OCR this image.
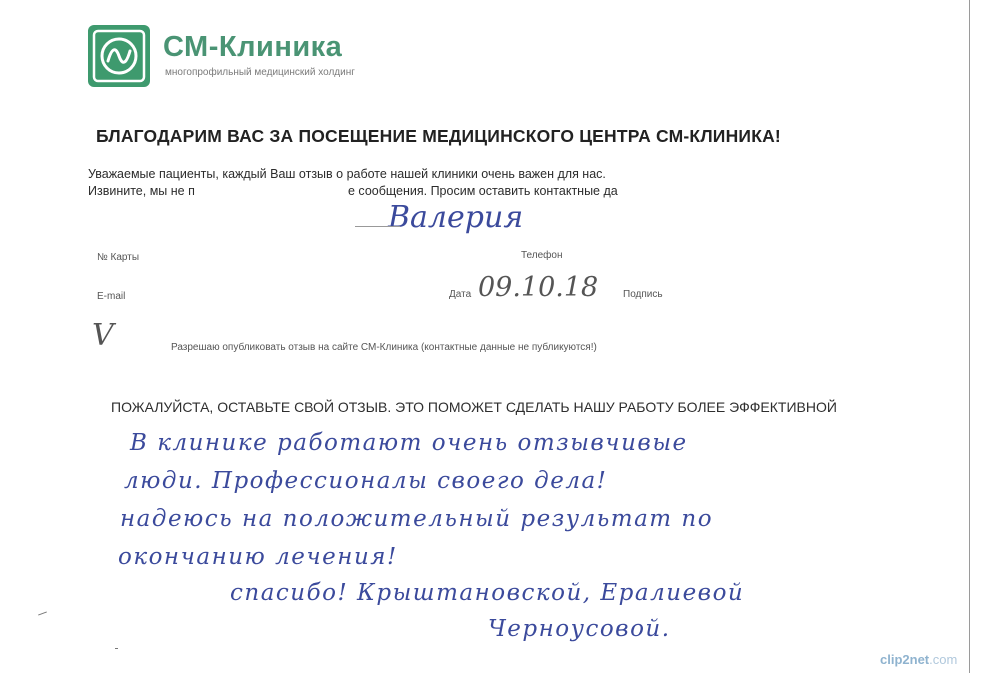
СМ-Клиника
многопрофильный медицинский холдинг
БЛАГОДАРИМ ВАС ЗА ПОСЕЩЕНИЕ МЕДИЦИНСКОГО ЦЕНТРА СМ-КЛИНИКА!
Уважаемые пациенты, каждый Ваш отзыв о работе нашей клиники очень важен для нас.
Извините, мы не п	е сообщения. Просим оставить контактные да
Валерия
№ Карты	Телефон
E-mail	Дата 09.10.18 Подпись
V	Разрешаю опубликовать отзыв на сайте СМ-Клиника (контактные данные не публикуются!)
ПОЖАЛУЙСТА, ОСТАВЬТЕ СВОЙ ОТЗЫВ. ЭТО ПОМОЖЕТ СДЕЛАТЬ НАШУ РАБОТУ БОЛЕЕ ЭФФЕКТИВНОЙ
В клинике работают очень отзывчивые
люди. Профессионалы своего дела!
надеюсь на положительный результат по
окончанию лечения!
спасибо! Крыштановской, Ералиевой
Черноусовой.
clip2net.com
